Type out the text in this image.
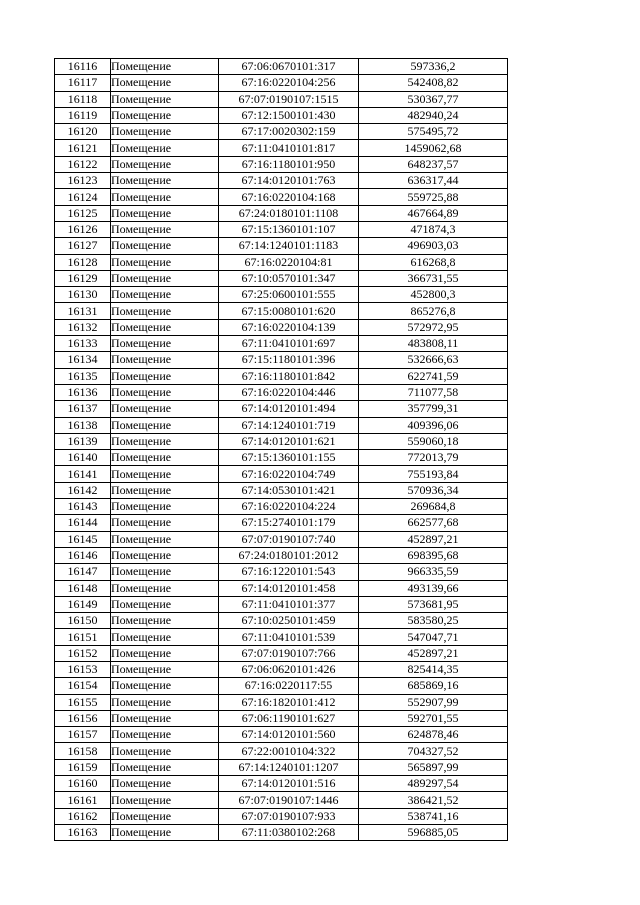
16116	Помещение	67:06:0670101:317	597336,2
16117	Помещение	67:16:0220104:256	542408,82
16118	Помещение	67:07:0190107:1515	530367,77
16119	Помещение	67:12:1500101:430	482940,24
16120	Помещение	67:17:0020302:159	575495,72
16121	Помещение	67:11:0410101:817	1459062,68
16122	Помещение	67:16:1180101:950	648237,57
16123	Помещение	67:14:0120101:763	636317,44
16124	Помещение	67:16:0220104:168	559725,88
16125	Помещение	67:24:0180101:1108	467664,89
16126	Помещение	67:15:1360101:107	471874,3
16127	Помещение	67:14:1240101:1183	496903,03
16128	Помещение	67:16:0220104:81	616268,8
16129	Помещение	67:10:0570101:347	366731,55
16130	Помещение	67:25:0600101:555	452800,3
16131	Помещение	67:15:0080101:620	865276,8
16132	Помещение	67:16:0220104:139	572972,95
16133	Помещение	67:11:0410101:697	483808,11
16134	Помещение	67:15:1180101:396	532666,63
16135	Помещение	67:16:1180101:842	622741,59
16136	Помещение	67:16:0220104:446	711077,58
16137	Помещение	67:14:0120101:494	357799,31
16138	Помещение	67:14:1240101:719	409396,06
16139	Помещение	67:14:0120101:621	559060,18
16140	Помещение	67:15:1360101:155	772013,79
16141	Помещение	67:16:0220104:749	755193,84
16142	Помещение	67:14:0530101:421	570936,34
16143	Помещение	67:16:0220104:224	269684,8
16144	Помещение	67:15:2740101:179	662577,68
16145	Помещение	67:07:0190107:740	452897,21
16146	Помещение	67:24:0180101:2012	698395,68
16147	Помещение	67:16:1220101:543	966335,59
16148	Помещение	67:14:0120101:458	493139,66
16149	Помещение	67:11:0410101:377	573681,95
16150	Помещение	67:10:0250101:459	583580,25
16151	Помещение	67:11:0410101:539	547047,71
16152	Помещение	67:07:0190107:766	452897,21
16153	Помещение	67:06:0620101:426	825414,35
16154	Помещение	67:16:0220117:55	685869,16
16155	Помещение	67:16:1820101:412	552907,99
16156	Помещение	67:06:1190101:627	592701,55
16157	Помещение	67:14:0120101:560	624878,46
16158	Помещение	67:22:0010104:322	704327,52
16159	Помещение	67:14:1240101:1207	565897,99
16160	Помещение	67:14:0120101:516	489297,54
16161	Помещение	67:07:0190107:1446	386421,52
16162	Помещение	67:07:0190107:933	538741,16
16163	Помещение	67:11:0380102:268	596885,05
